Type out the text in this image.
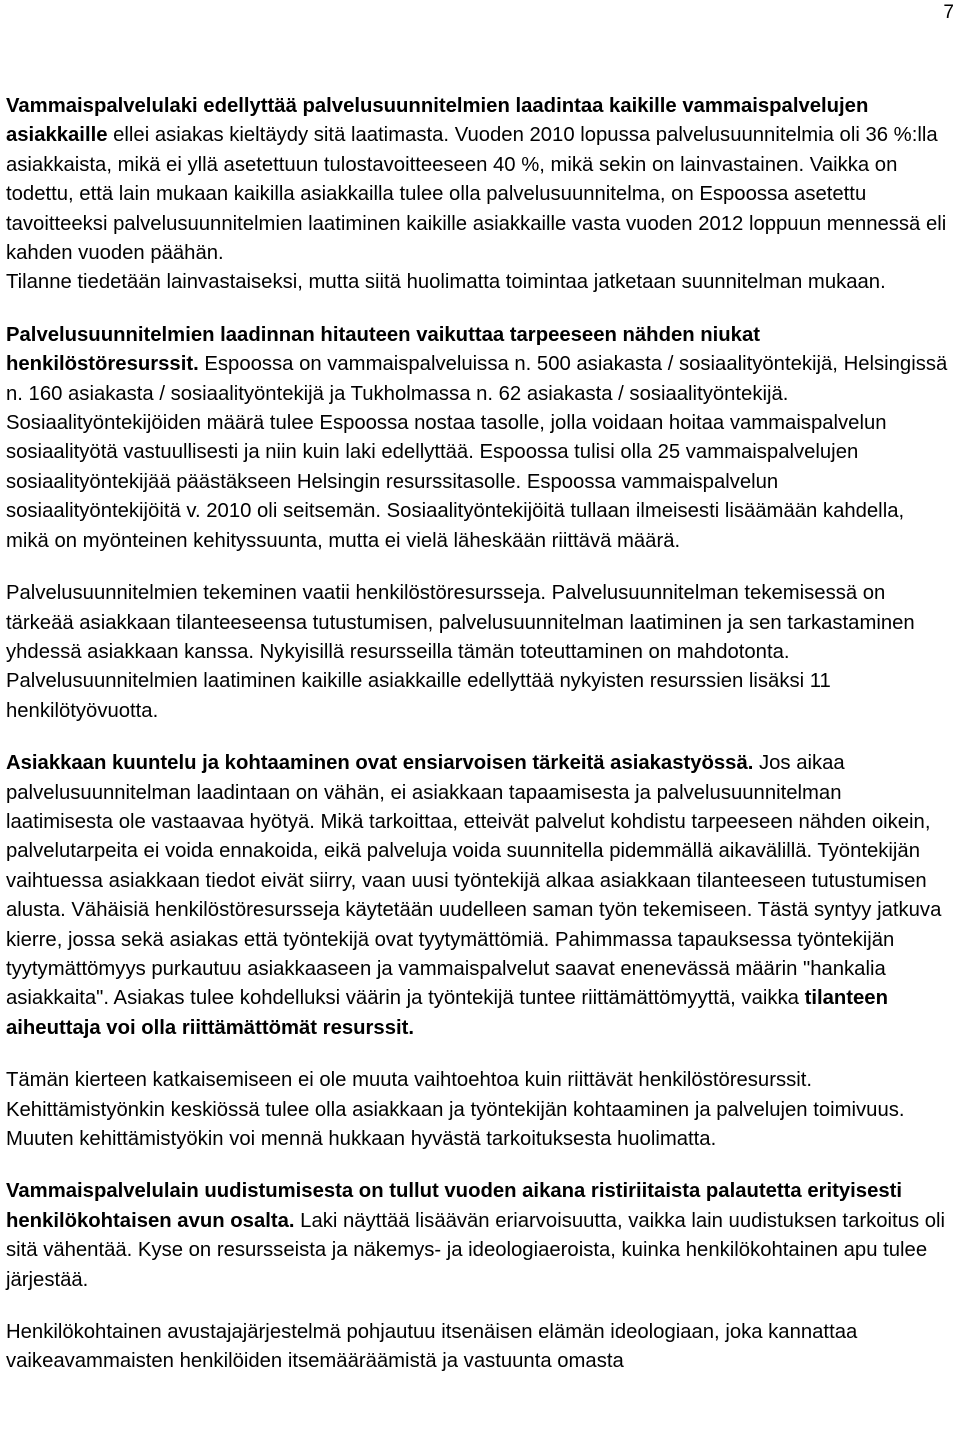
7

Vammaispalvelulaki edellyttää palvelusuunnitelmien laadintaa kaikille vammaispalvelujen asiakkaille ellei asiakas kieltäydy sitä laatimasta. Vuoden 2010 lopussa palvelusuunnitelmia oli 36 %:lla asiakkaista, mikä ei yllä asetettuun tulostavoitteeseen 40 %, mikä sekin on lainvastainen. Vaikka on todettu, että lain mukaan kaikilla asiakkailla tulee olla palvelusuunnitelma, on Espoossa asetettu tavoitteeksi palvelusuunnitelmien laatiminen kaikille asiakkaille vasta vuoden 2012 loppuun mennessä eli kahden vuoden päähän.

Tilanne tiedetään lainvastaiseksi, mutta siitä huolimatta toimintaa jatketaan suunnitelman mukaan.

Palvelusuunnitelmien laadinnan hitauteen vaikuttaa tarpeeseen nähden niukat henkilöstöresurssit. Espoossa on vammaispalveluissa n. 500 asiakasta / sosiaalityöntekijä, Helsingissä n. 160 asiakasta / sosiaalityöntekijä ja Tukholmassa n. 62 asiakasta / sosiaalityöntekijä. Sosiaalityöntekijöiden määrä tulee Espoossa nostaa tasolle, jolla voidaan hoitaa vammaispalvelun sosiaalityötä vastuullisesti ja niin kuin laki edellyttää. Espoossa tulisi olla 25 vammaispalvelujen sosiaalityöntekijää päästäkseen Helsingin resurssitasolle. Espoossa vammaispalvelun sosiaalityöntekijöitä v. 2010 oli seitsemän. Sosiaalityöntekijöitä tullaan ilmeisesti lisäämään kahdella, mikä on myönteinen kehityssuunta, mutta ei vielä läheskään riittävä määrä.

Palvelusuunnitelmien tekeminen vaatii henkilöstöresursseja. Palvelusuunnitelman tekemisessä on tärkeää asiakkaan tilanteeseensa tutustumisen, palvelusuunnitelman laatiminen ja sen tarkastaminen yhdessä asiakkaan kanssa. Nykyisillä resursseilla tämän toteuttaminen on mahdotonta. Palvelusuunnitelmien laatiminen kaikille asiakkaille edellyttää nykyisten resurssien lisäksi 11 henkilötyövuotta.

Asiakkaan kuuntelu ja kohtaaminen ovat ensiarvoisen tärkeitä asiakastyössä. Jos aikaa palvelusuunnitelman laadintaan on vähän, ei asiakkaan tapaamisesta ja palvelusuunnitelman laatimisesta ole vastaavaa hyötyä. Mikä tarkoittaa, etteivät palvelut kohdistu tarpeeseen nähden oikein, palvelutarpeita ei voida ennakoida, eikä palveluja voida suunnitella pidemmällä aikavälillä. Työntekijän vaihtuessa asiakkaan tiedot eivät siirry, vaan uusi työntekijä alkaa asiakkaan tilanteeseen tutustumisen alusta. Vähäisiä henkilöstöresursseja käytetään uudelleen saman työn tekemiseen. Tästä syntyy jatkuva kierre, jossa sekä asiakas että työntekijä ovat tyytymättömiä. Pahimmassa tapauksessa työntekijän tyytymättömyys purkautuu asiakkaaseen ja vammaispalvelut saavat enenevässä määrin "hankalia asiakkaita". Asiakas tulee kohdelluksi väärin ja työntekijä tuntee riittämättömyyttä, vaikka tilanteen aiheuttaja voi olla riittämättömät resurssit.

Tämän kierteen katkaisemiseen ei ole muuta vaihtoehtoa kuin riittävät henkilöstöresurssit. Kehittämistyönkin keskiössä tulee olla asiakkaan ja työntekijän kohtaaminen ja palvelujen toimivuus. Muuten kehittämistyökin voi mennä hukkaan hyvästä tarkoituksesta huolimatta.

Vammaispalvelulain uudistumisesta on tullut vuoden aikana ristiriitaista palautetta erityisesti henkilökohtaisen avun osalta. Laki näyttää lisäävän eriarvoisuutta, vaikka lain uudistuksen tarkoitus oli sitä vähentää. Kyse on resursseista ja näkemys- ja ideologiaeroista, kuinka henkilökohtainen apu tulee järjestää.

Henkilökohtainen avustajajärjestelmä pohjautuu itsenäisen elämän ideologiaan, joka kannattaa vaikeavammaisten henkilöiden itsemääräämistä ja vastuunta omasta
